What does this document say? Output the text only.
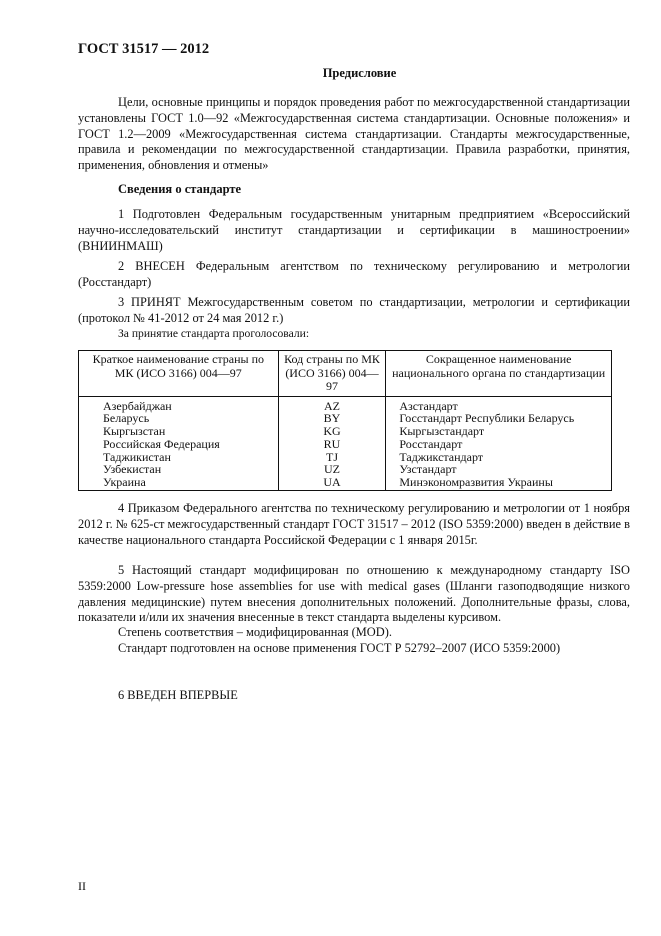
ГОСТ 31517 — 2012
Предисловие

Цели, основные принципы и порядок проведения работ по межгосударственной стандартизации установлены ГОСТ 1.0—92 «Межгосударственная система стандартизации. Основные положения» и ГОСТ 1.2—2009 «Межгосударственная система стандартизации. Стандарты межгосударственные, правила и рекомендации по межгосударственной стандартизации. Правила разработки, принятия, применения, обновления и отмены»

Сведения о стандарте

1 Подготовлен Федеральным государственным унитарным предприятием «Всероссийский научно-исследовательский институт стандартизации и сертификации в машиностроении» (ВНИИНМАШ)

2 ВНЕСЕН Федеральным агентством по техническому регулированию и метрологии (Росстандарт)

3 ПРИНЯТ Межгосударственным советом по стандартизации, метрологии и сертификации (протокол № 41-2012 от 24 мая 2012 г.)

За принятие стандарта проголосовали:

Краткое наименование страны по МК (ИСО 3166) 004—97	Код страны по МК (ИСО 3166) 004—97	Сокращенное наименование национального органа по стандартизации
Азербайджан	AZ	Азстандарт
Беларусь	BY	Госстандарт Республики Беларусь
Кыргызстан	KG	Кыргызстандарт
Российская Федерация	RU	Росстандарт
Таджикистан	TJ	Таджикстандарт
Узбекистан	UZ	Узстандарт
Украина	UA	Минэкономразвития Украины

4 Приказом Федерального агентства по техническому регулированию и метрологии от 1 ноября 2012 г. № 625-ст межгосударственный стандарт ГОСТ 31517 – 2012 (ISO 5359:2000) введен в действие в качестве национального стандарта Российской Федерации с 1 января 2015г.

5 Настоящий стандарт модифицирован по отношению к международному стандарту ISO 5359:2000 Low-pressure hose assemblies for use with medical gases (Шланги газоподводящие низкого давления медицинские) путем внесения дополнительных положений. Дополнительные фразы, слова, показатели и/или их значения внесенные в текст стандарта выделены курсивом.

Степень соответствия – модифицированная (MOD).

Стандарт подготовлен на основе применения ГОСТ Р 52792–2007 (ИСО 5359:2000)

6 ВВЕДЕН ВПЕРВЫЕ

II
